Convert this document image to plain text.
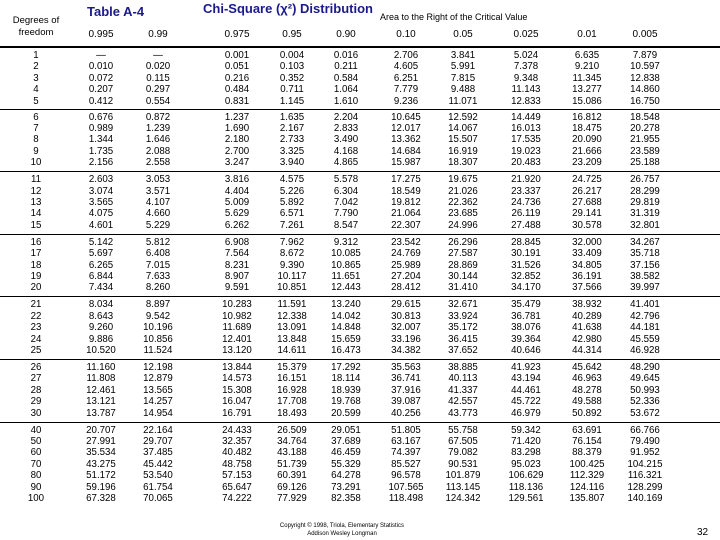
Degrees of freedom
Table A-4	Chi-Square (χ²) Distribution
Area to the Right of the Critical Value
0.995	0.99	0.975	0.95	0.90	0.10	0.05	0.025	0.01	0.005
1	—	—	0.001	0.004	0.016	2.706	3.841	5.024	6.635	7.879
2	0.010	0.020	0.051	0.103	0.211	4.605	5.991	7.378	9.210	10.597
3	0.072	0.115	0.216	0.352	0.584	6.251	7.815	9.348	11.345	12.838
4	0.207	0.297	0.484	0.711	1.064	7.779	9.488	11.143	13.277	14.860
5	0.412	0.554	0.831	1.145	1.610	9.236	11.071	12.833	15.086	16.750
6	0.676	0.872	1.237	1.635	2.204	10.645	12.592	14.449	16.812	18.548
7	0.989	1.239	1.690	2.167	2.833	12.017	14.067	16.013	18.475	20.278
8	1.344	1.646	2.180	2.733	3.490	13.362	15.507	17.535	20.090	21.955
9	1.735	2.088	2.700	3.325	4.168	14.684	16.919	19.023	21.666	23.589
10	2.156	2.558	3.247	3.940	4.865	15.987	18.307	20.483	23.209	25.188
11	2.603	3.053	3.816	4.575	5.578	17.275	19.675	21.920	24.725	26.757
12	3.074	3.571	4.404	5.226	6.304	18.549	21.026	23.337	26.217	28.299
13	3.565	4.107	5.009	5.892	7.042	19.812	22.362	24.736	27.688	29.819
14	4.075	4.660	5.629	6.571	7.790	21.064	23.685	26.119	29.141	31.319
15	4.601	5.229	6.262	7.261	8.547	22.307	24.996	27.488	30.578	32.801
16	5.142	5.812	6.908	7.962	9.312	23.542	26.296	28.845	32.000	34.267
17	5.697	6.408	7.564	8.672	10.085	24.769	27.587	30.191	33.409	35.718
18	6.265	7.015	8.231	9.390	10.865	25.989	28.869	31.526	34.805	37.156
19	6.844	7.633	8.907	10.117	11.651	27.204	30.144	32.852	36.191	38.582
20	7.434	8.260	9.591	10.851	12.443	28.412	31.410	34.170	37.566	39.997
21	8.034	8.897	10.283	11.591	13.240	29.615	32.671	35.479	38.932	41.401
22	8.643	9.542	10.982	12.338	14.042	30.813	33.924	36.781	40.289	42.796
23	9.260	10.196	11.689	13.091	14.848	32.007	35.172	38.076	41.638	44.181
24	9.886	10.856	12.401	13.848	15.659	33.196	36.415	39.364	42.980	45.559
25	10.520	11.524	13.120	14.611	16.473	34.382	37.652	40.646	44.314	46.928
26	11.160	12.198	13.844	15.379	17.292	35.563	38.885	41.923	45.642	48.290
27	11.808	12.879	14.573	16.151	18.114	36.741	40.113	43.194	46.963	49.645
28	12.461	13.565	15.308	16.928	18.939	37.916	41.337	44.461	48.278	50.993
29	13.121	14.257	16.047	17.708	19.768	39.087	42.557	45.722	49.588	52.336
30	13.787	14.954	16.791	18.493	20.599	40.256	43.773	46.979	50.892	53.672
40	20.707	22.164	24.433	26.509	29.051	51.805	55.758	59.342	63.691	66.766
50	27.991	29.707	32.357	34.764	37.689	63.167	67.505	71.420	76.154	79.490
60	35.534	37.485	40.482	43.188	46.459	74.397	79.082	83.298	88.379	91.952
70	43.275	45.442	48.758	51.739	55.329	85.527	90.531	95.023	100.425	104.215
80	51.172	53.540	57.153	60.391	64.278	96.578	101.879	106.629	112.329	116.321
90	59.196	61.754	65.647	69.126	73.291	107.565	113.145	118.136	124.116	128.299
100	67.328	70.065	74.222	77.929	82.358	118.498	124.342	129.561	135.807	140.169
Copyright © 1998, Triola, Elementary Statistics
Addison Wesley Longman	32
